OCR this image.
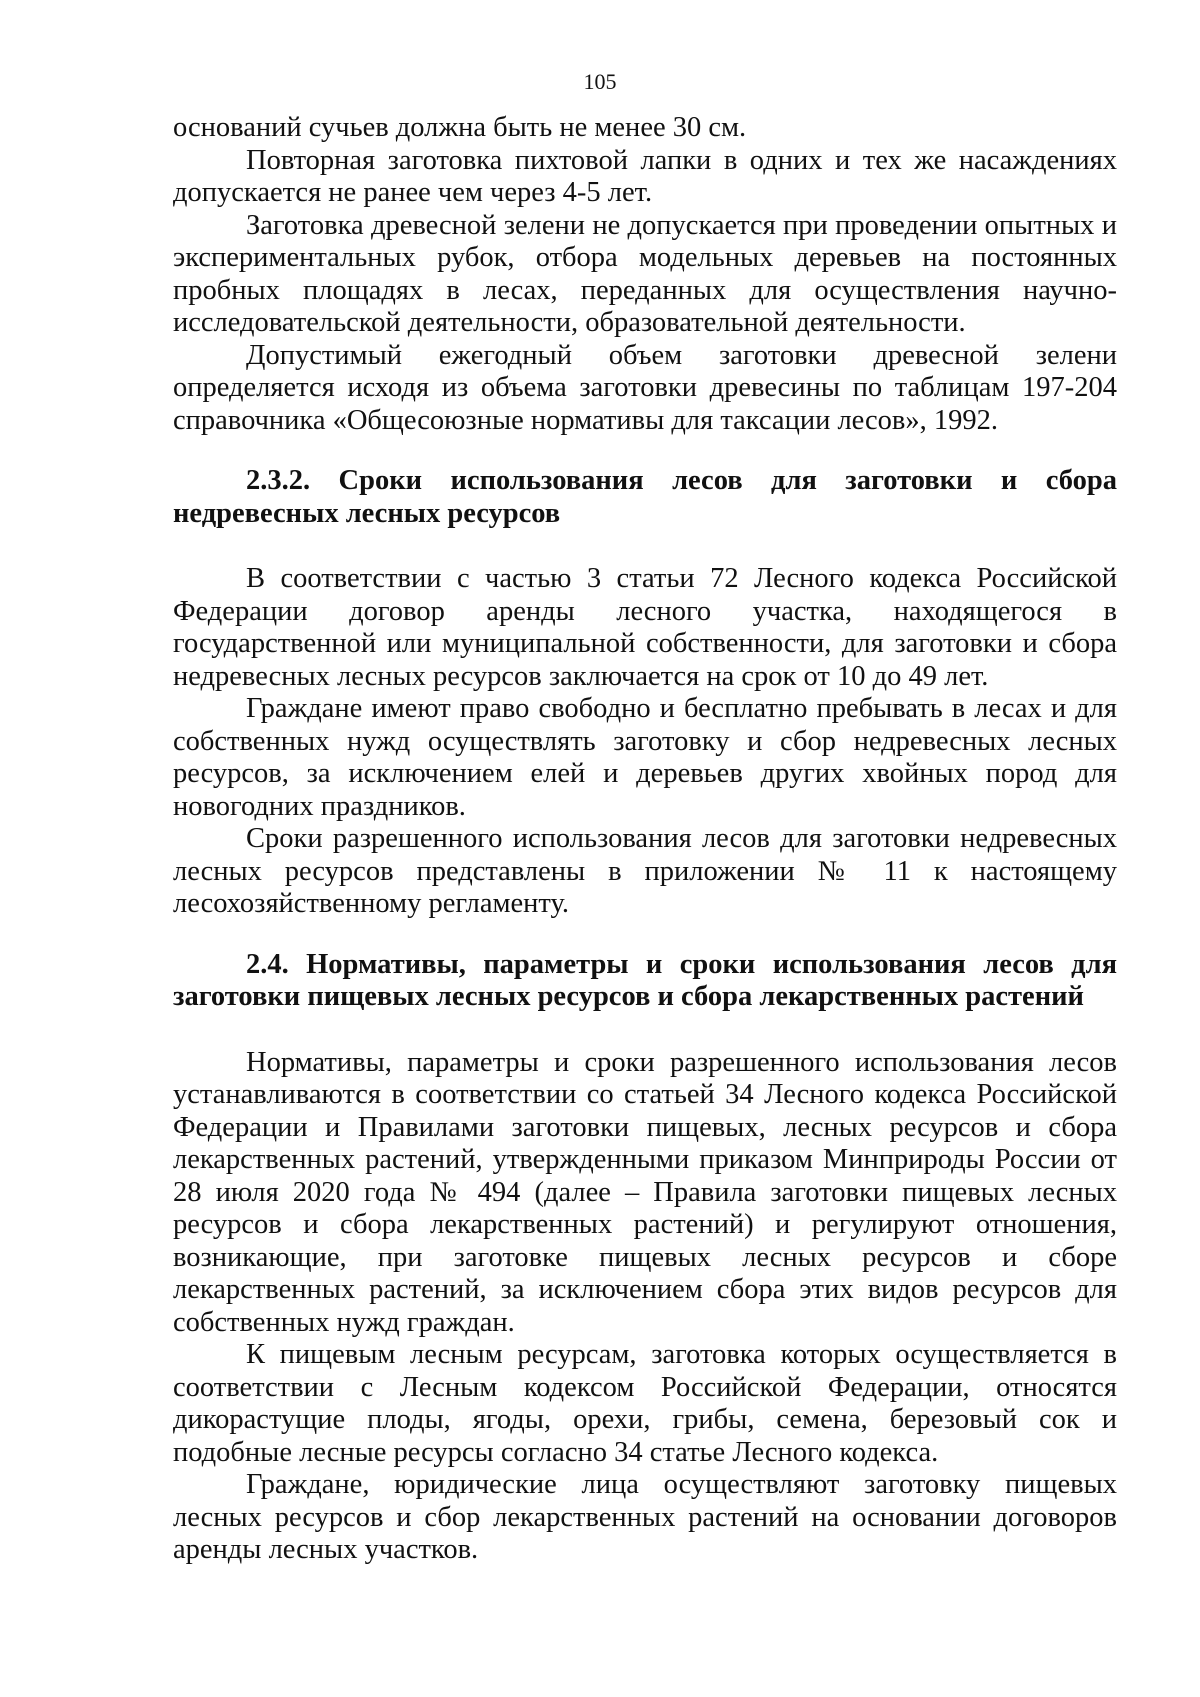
105

оснований сучьев должна быть не менее 30 см.

Повторная заготовка пихтовой лапки в одних и тех же насаждениях допускается не ранее чем через 4-5 лет.

Заготовка древесной зелени не допускается при проведении опытных и экспериментальных рубок, отбора модельных деревьев на постоянных пробных площадях в лесах, переданных для осуществления научно-исследовательской деятельности, образовательной деятельности.

Допустимый ежегодный объем заготовки древесной зелени определяется исходя из объема заготовки древесины по таблицам 197-204 справочника «Общесоюзные нормативы для таксации лесов», 1992.

2.3.2. Сроки использования лесов для заготовки и сбора недревесных лесных ресурсов

В соответствии с частью 3 статьи 72 Лесного кодекса Российской Федерации договор аренды лесного участка, находящегося в государственной или муниципальной собственности, для заготовки и сбора недревесных лесных ресурсов заключается на срок от 10 до 49 лет.

Граждане имеют право свободно и бесплатно пребывать в лесах и для собственных нужд осуществлять заготовку и сбор недревесных лесных ресурсов, за исключением елей и деревьев других хвойных пород для новогодних праздников.

Сроки разрешенного использования лесов для заготовки недревесных лесных ресурсов представлены в приложении № 11 к настоящему лесохозяйственному регламенту.

2.4. Нормативы, параметры и сроки использования лесов для заготовки пищевых лесных ресурсов и сбора лекарственных растений

Нормативы, параметры и сроки разрешенного использования лесов устанавливаются в соответствии со статьей 34 Лесного кодекса Российской Федерации и Правилами заготовки пищевых, лесных ресурсов и сбора лекарственных растений, утвержденными приказом Минприроды России от 28 июля 2020 года № 494 (далее – Правила заготовки пищевых лесных ресурсов и сбора лекарственных растений) и регулируют отношения, возникающие, при заготовке пищевых лесных ресурсов и сборе лекарственных растений, за исключением сбора этих видов ресурсов для собственных нужд граждан.

К пищевым лесным ресурсам, заготовка которых осуществляется в соответствии с Лесным кодексом Российской Федерации, относятся дикорастущие плоды, ягоды, орехи, грибы, семена, березовый сок и подобные лесные ресурсы согласно 34 статье Лесного кодекса.

Граждане, юридические лица осуществляют заготовку пищевых лесных ресурсов и сбор лекарственных растений на основании договоров аренды лесных участков.
